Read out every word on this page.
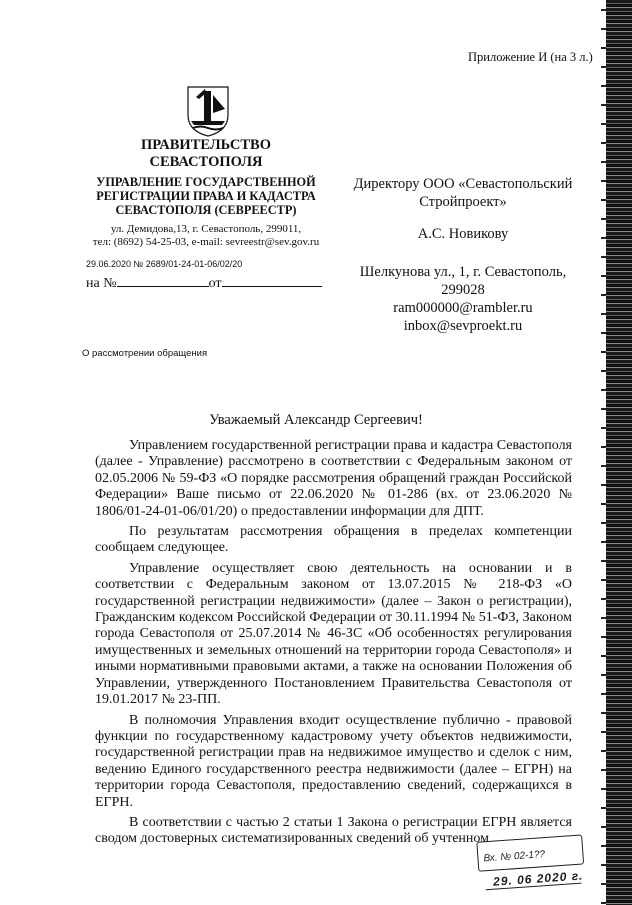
Приложение И (на 3 л.)
ПРАВИТЕЛЬСТВО
СЕВАСТОПОЛЯ
УПРАВЛЕНИЕ ГОСУДАРСТВЕННОЙ
РЕГИСТРАЦИИ ПРАВА И КАДАСТРА
СЕВАСТОПОЛЯ (СЕВРЕЕСТР)
ул. Демидова,13, г. Севастополь, 299011,
тел: (8692) 54-25-03, e-mail: sevreestr@sev.gov.ru
29.06.2020 № 2689/01-24-01-06/02/20
на №	от
Директору ООО «Севастопольский
Стройпроект»
А.С. Новикову
Шелкунова ул., 1, г. Севастополь,
299028
ram000000@rambler.ru
inbox@sevproekt.ru
О рассмотрении обращения
Уважаемый Александр Сергеевич!

Управлением государственной регистрации права и кадастра Севастополя (далее - Управление) рассмотрено в соответствии с Федеральным законом от 02.05.2006 № 59-ФЗ «О порядке рассмотрения обращений граждан Российской Федерации» Ваше письмо от 22.06.2020 № 01-286 (вх. от 23.06.2020 № 1806/01-24-01-06/01/20) о предоставлении информации для ДПТ.

По результатам рассмотрения обращения в пределах компетенции сообщаем следующее.

Управление осуществляет свою деятельность на основании и в соответствии с Федеральным законом от 13.07.2015 № 218-ФЗ «О государственной регистрации недвижимости» (далее – Закон о регистрации), Гражданским кодексом Российской Федерации от 30.11.1994 № 51-ФЗ, Законом города Севастополя от 25.07.2014 № 46-ЗС «Об особенностях регулирования имущественных и земельных отношений на территории города Севастополя» и иными нормативными правовыми актами, а также на основании Положения об Управлении, утвержденного Постановлением Правительства Севастополя от 19.01.2017 № 23-ПП.

В полномочия Управления входит осуществление публично - правовой функции по государственному кадастровому учету объектов недвижимости, государственной регистрации прав на недвижимое имущество и сделок с ним, ведению Единого государственного реестра недвижимости (далее – ЕГРН) на территории города Севастополя, предоставлению сведений, содержащихся в ЕГРН.

В соответствии с частью 2 статьи 1 Закона о регистрации ЕГРН является сводом достоверных систематизированных сведений об учтенном

Вх. № 02-1??
29. 06 2020 г.
